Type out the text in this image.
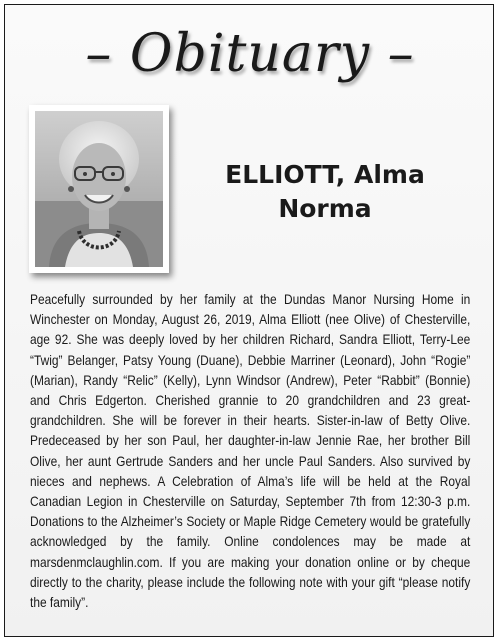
– Obituary –
ELLIOTT, Alma
Norma
Peacefully surrounded by her family at the Dundas Manor Nursing Home in Winchester on Monday, August 26, 2019, Alma Elliott (nee Olive) of Chesterville, age 92. She was deeply loved by her children Richard, Sandra Elliott, Terry-Lee “Twig” Belanger, Patsy Young (Duane), Debbie Marriner (Leonard), John “Rogie” (Marian), Randy “Relic” (Kelly), Lynn Windsor (Andrew), Peter “Rabbit” (Bonnie) and Chris Edgerton. Cherished grannie to 20 grandchildren and 23 great-grandchildren. She will be forever in their hearts. Sister-in-law of Betty Olive. Predeceased by her son Paul, her daughter-in-law Jennie Rae, her brother Bill Olive, her aunt Gertrude Sanders and her uncle Paul Sanders. Also survived by nieces and nephews. A Celebration of Alma’s life will be held at the Royal Canadian Legion in Chesterville on Saturday, September 7th from 12:30-3 p.m. Donations to the Alzheimer’s Society or Maple Ridge Cemetery would be gratefully acknowledged by the family. Online condolences may be made at marsdenmclaughlin.com. If you are making your donation online or by cheque directly to the charity, please include the following note with your gift “please notify the family”.
